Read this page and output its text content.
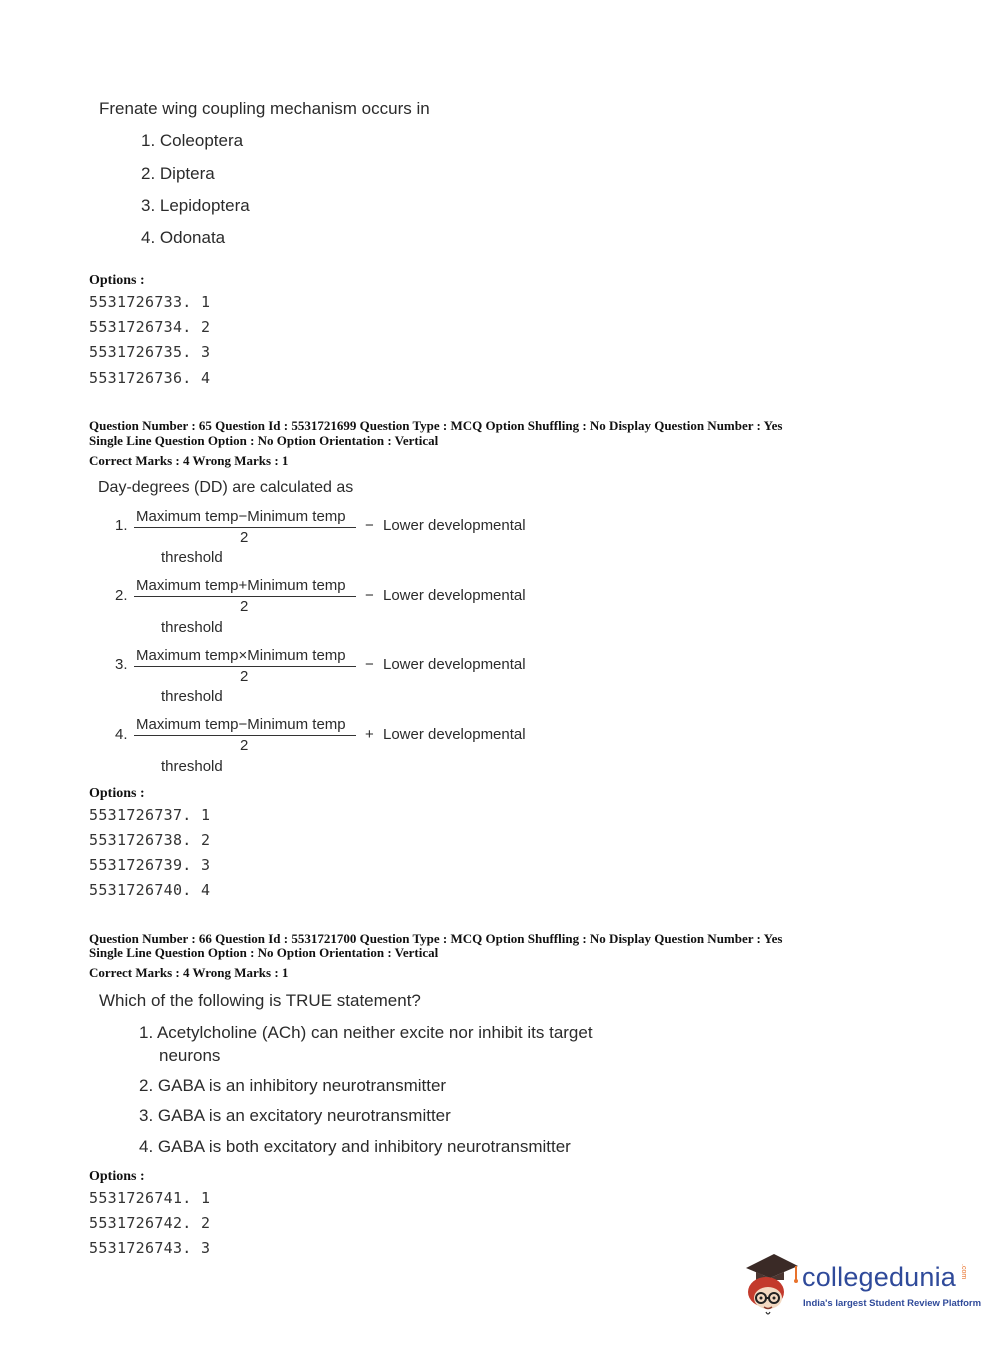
Frenate wing coupling mechanism occurs in
1. Coleoptera
2. Diptera
3. Lepidoptera
4. Odonata
Options :
5531726733. 1
5531726734. 2
5531726735. 3
5531726736. 4
Question Number : 65 Question Id : 5531721699 Question Type : MCQ Option Shuffling : No Display Question Number : Yes
Single Line Question Option : No Option Orientation : Vertical
Correct Marks : 4 Wrong Marks : 1
Day-degrees (DD) are calculated as
1.
Maximum temp−Minimum temp
2
− Lower developmental
threshold
2.
Maximum temp+Minimum temp
2
− Lower developmental
threshold
3.
Maximum temp×Minimum temp
2
− Lower developmental
threshold
4.
Maximum temp−Minimum temp
2
+ Lower developmental
threshold
Options :
5531726737. 1
5531726738. 2
5531726739. 3
5531726740. 4
Question Number : 66 Question Id : 5531721700 Question Type : MCQ Option Shuffling : No Display Question Number : Yes
Single Line Question Option : No Option Orientation : Vertical
Correct Marks : 4 Wrong Marks : 1
Which of the following is TRUE statement?
1. Acetylcholine (ACh) can neither excite nor inhibit its target
neurons
2. GABA is an inhibitory neurotransmitter
3. GABA is an excitatory neurotransmitter
4. GABA is both excitatory and inhibitory neurotransmitter
Options :
5531726741. 1
5531726742. 2
5531726743. 3
collegedunia .com
India's largest Student Review Platform
